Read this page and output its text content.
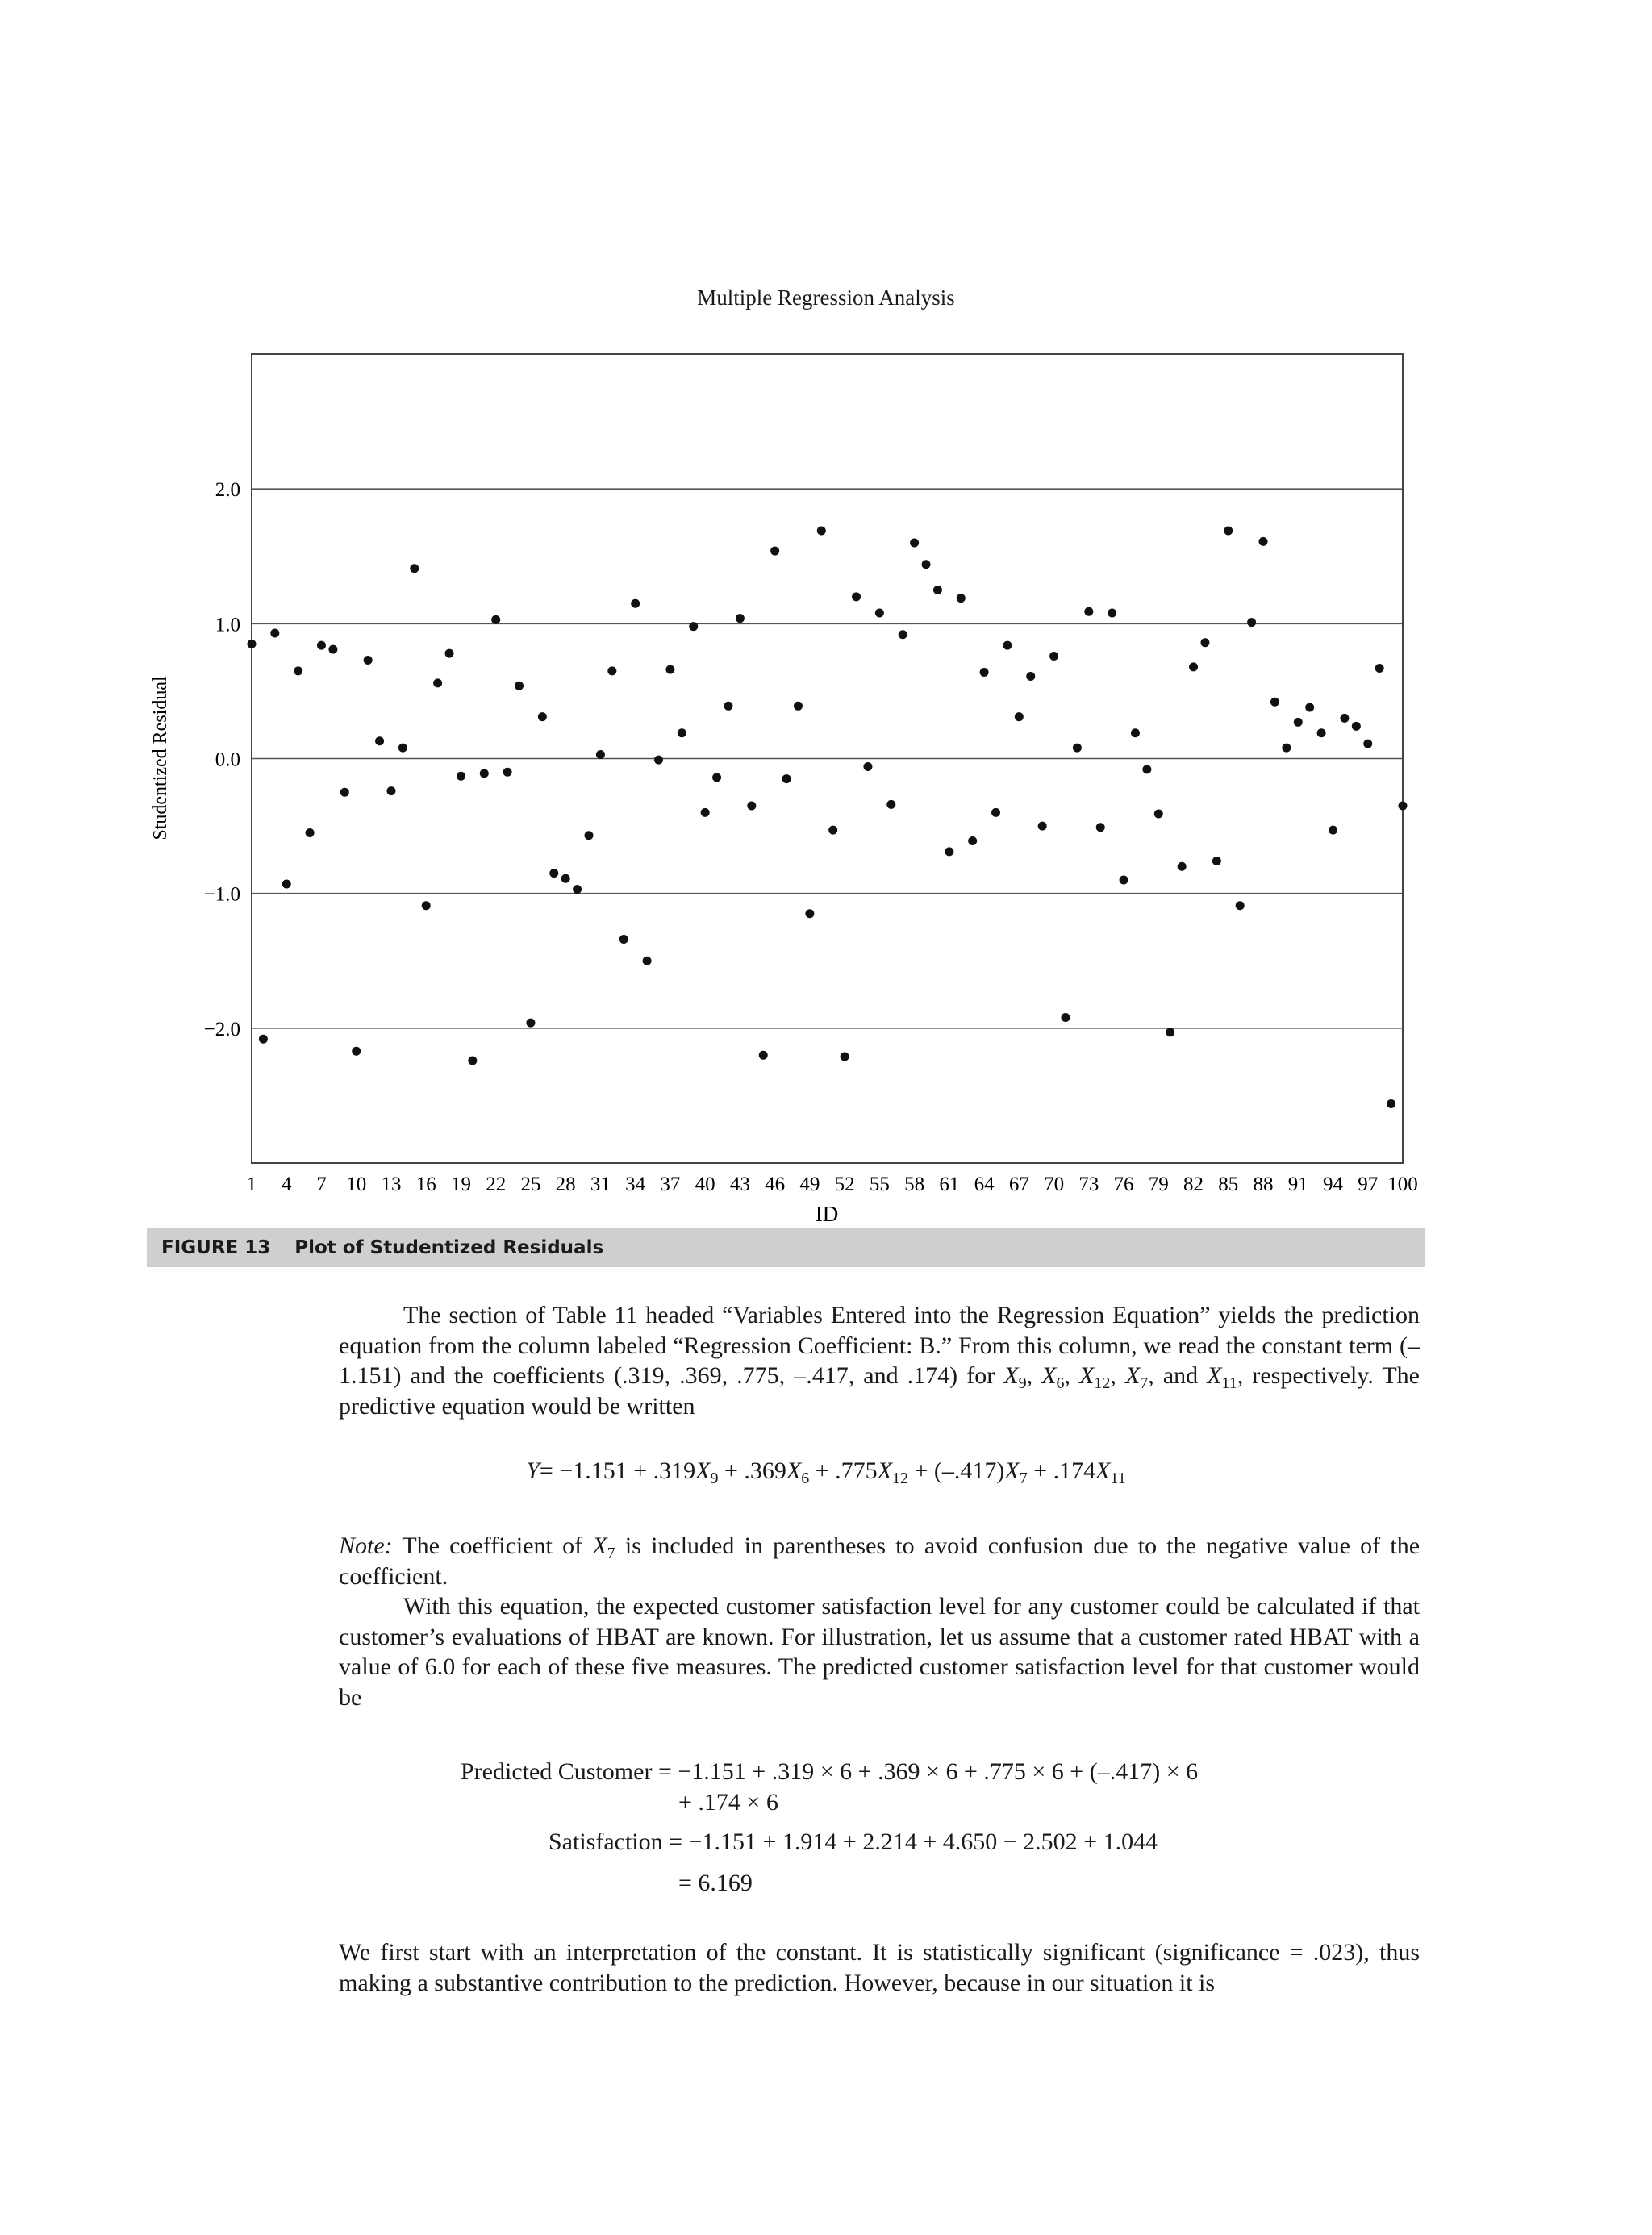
Multiple Regression Analysis
2.0
1.0
0.0
−1.0
−2.0
1 4 7 10 13 16 19 22 25 28 31 34 37 40 43 46 49 52 55 58 61 64 67 70 73 76 79 82 85 88 91 94 97 100
ID
Studentized Residual
FIGURE 13 Plot of Studentized Residuals

The section of Table 11 headed “Variables Entered into the Regression Equation” yields the prediction equation from the column labeled “Regression Coefficient: B.” From this column, we read the constant term (–1.151) and the coefficients (.319, .369, .775, –.417, and .174) for $X_9$, $X_6$, $X_{12}$, $X_7$, and $X_{11}$, respectively. The predictive equation would be written

$Y= -1.151 + .319X_9 + .369X_6 + .775X_{12} + (-.417)X_7 + .174X_{11}$

Note: The coefficient of $X_7$ is included in parentheses to avoid confusion due to the negative value of the coefficient.

With this equation, the expected customer satisfaction level for any customer could be calculated if that customer’s evaluations of HBAT are known. For illustration, let us assume that a customer rated HBAT with a value of 6.0 for each of these five measures. The predicted customer satisfaction level for that customer would be

Predicted Customer = −1.151 + .319 × 6 + .369 × 6 + .775 × 6 + (–.417) × 6
+ .174 × 6
Satisfaction = −1.151 + 1.914 + 2.214 + 4.650 − 2.502 + 1.044
= 6.169

We first start with an interpretation of the constant. It is statistically significant (significance = .023), thus making a substantive contribution to the prediction. However, because in our situation it is
